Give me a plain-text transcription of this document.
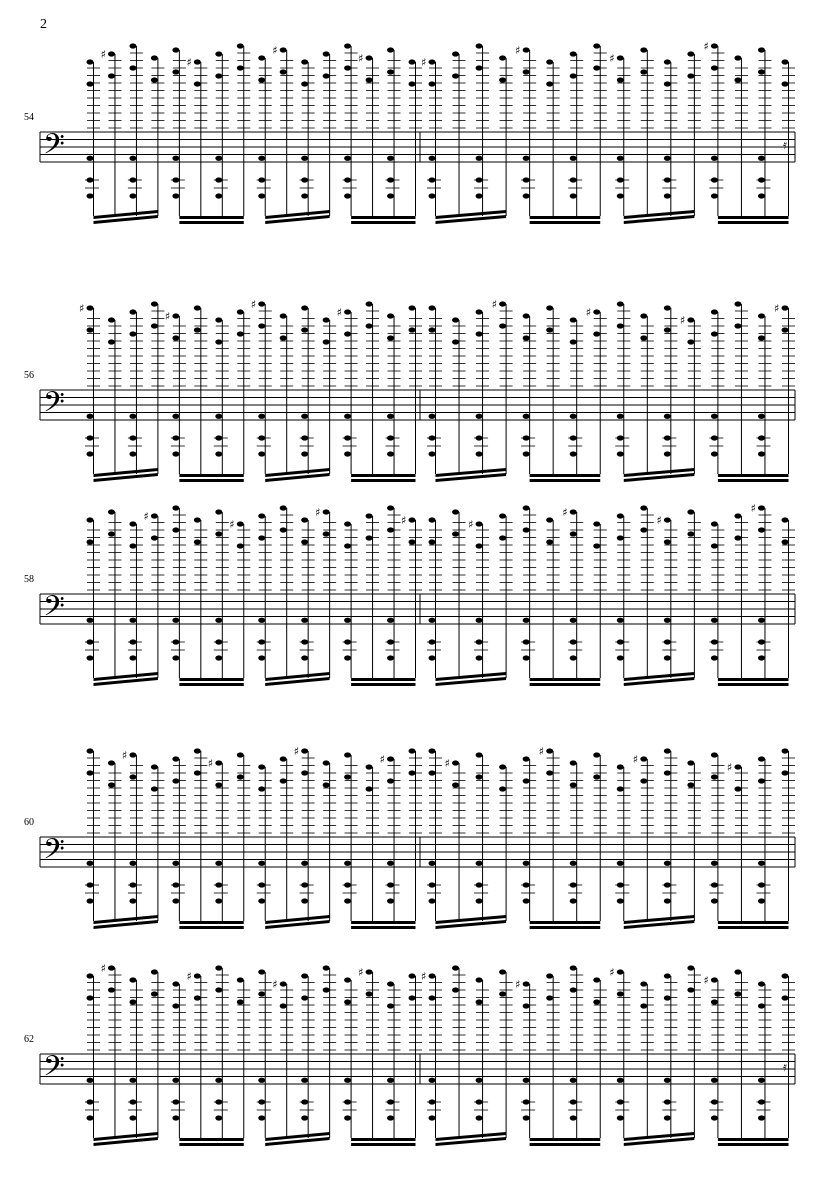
2
54
𝄢
♯
♯
♯
♯	♯
♯
♯
♯
𝄿
56
𝄢
♯
♯
♯
♯
♯
♯
♯
♯
58
𝄢
♯
♯
♯
♯	♯
♯
♯
♯
60
𝄢
♯
♯
♯
♯	♯
♯
♯
♯
62
𝄢
♯
♯
♯
♯	♯
♯
♯
♯
𝄿
